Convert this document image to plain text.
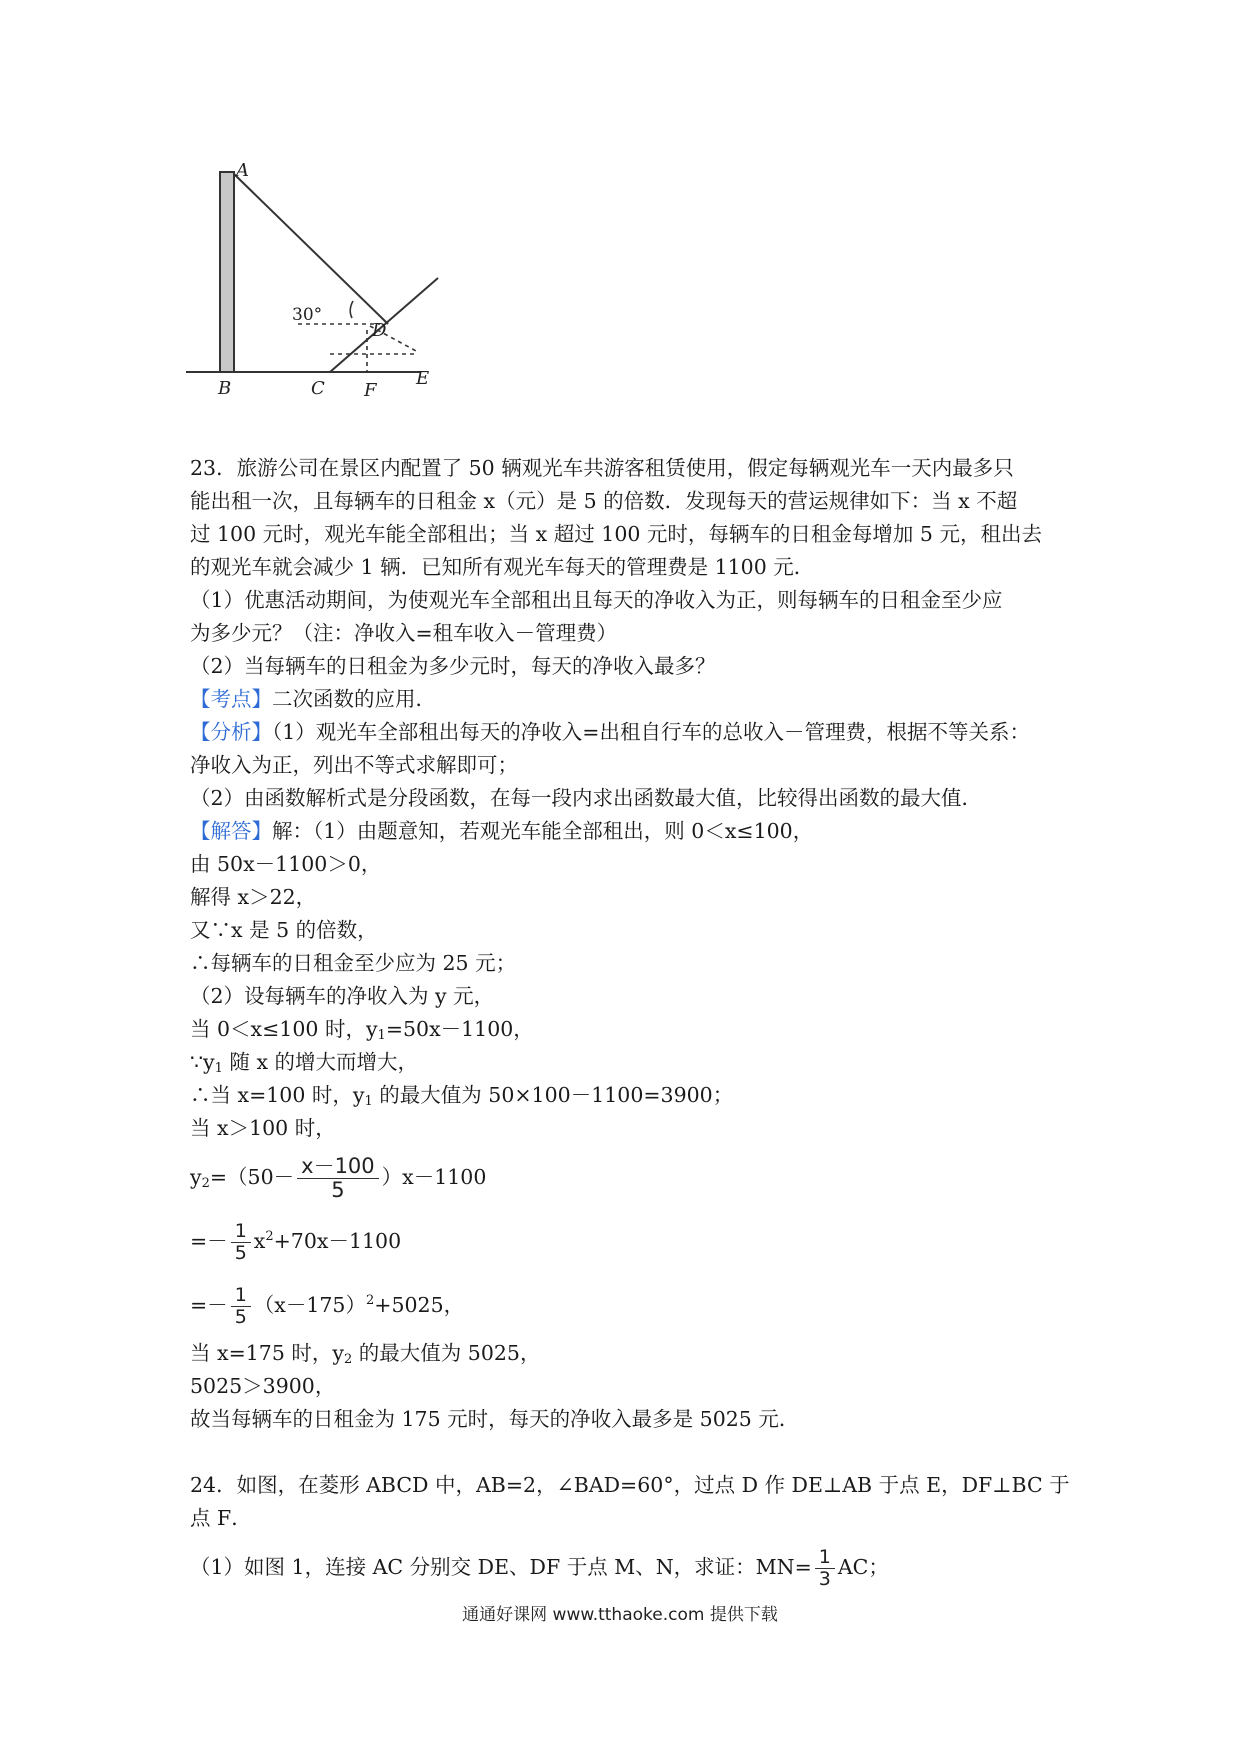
A
B	C
D
E
F
30°
23．旅游公司在景区内配置了 50 辆观光车共游客租赁使用，假定每辆观光车一天内最多只
能出租一次，且每辆车的日租金 x（元）是 5 的倍数．发现每天的营运规律如下：当 x 不超
过 100 元时，观光车能全部租出；当 x 超过 100 元时，每辆车的日租金每增加 5 元，租出去
的观光车就会减少 1 辆．已知所有观光车每天的管理费是 1100 元．
（1）优惠活动期间，为使观光车全部租出且每天的净收入为正，则每辆车的日租金至少应
为多少元？（注：净收入=租车收入－管理费）
（2）当每辆车的日租金为多少元时，每天的净收入最多？
【考点】二次函数的应用．
【分析】（1）观光车全部租出每天的净收入=出租自行车的总收入－管理费，根据不等关系：
净收入为正，列出不等式求解即可；
（2）由函数解析式是分段函数，在每一段内求出函数最大值，比较得出函数的最大值．
【解答】解：（1）由题意知，若观光车能全部租出，则 0＜x≤100，
由 50x－1100＞0，
解得 x＞22，
又∵x 是 5 的倍数，
∴每辆车的日租金至少应为 25 元；
（2）设每辆车的净收入为 y 元，
当 0＜x≤100 时，$y_1=50x-1100$，
$\because y_1$ 随 x 的增大而增大，
∴当 x=100 时，$y_1$ 的最大值为 50×100－1100=3900；
当 x＞100 时，
$y_2=(50- \frac{x-100}{5} )x-1100$
=－ $\frac{1}{5} x^2+70x-1100$
=－ $\frac{1}{5} (x-175)^2+5025$，
当 x=175 时，$y_2$ 的最大值为 5025，
5025＞3900，
故当每辆车的日租金为 175 元时，每天的净收入最多是 5025 元．
24．如图，在菱形 ABCD 中，AB=2，∠BAD=60°，过点 D 作 DE⊥AB 于点 E，DF⊥BC 于
点 F．
（1）如图 1，连接 AC 分别交 DE、DF 于点 M、N，求证：$MN= \frac{1}{3}$ AC；
通通好课网 www.tthaoke.com 提供下载
